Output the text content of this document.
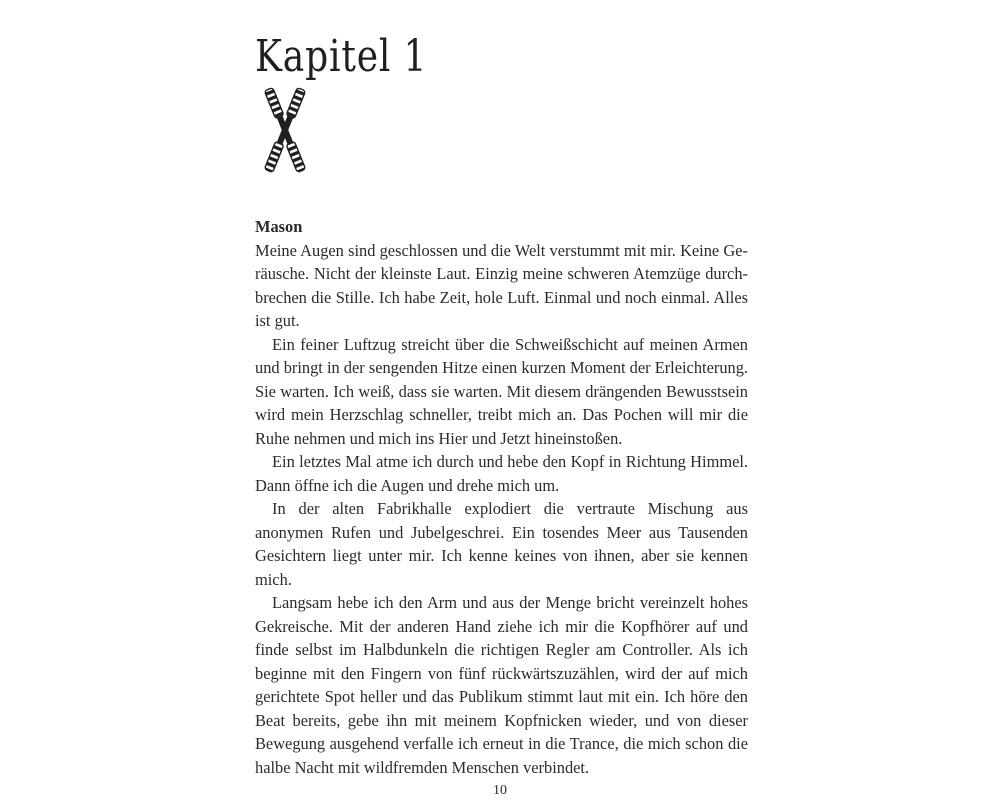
Kapitel 1

Mason

Meine Augen sind geschlossen und die Welt verstummt mit mir. Keine Geräusche. Nicht der kleinste Laut. Einzig meine schweren Atemzüge durchbrechen die Stille. Ich habe Zeit, hole Luft. Einmal und noch einmal. Alles ist gut.

Ein feiner Luftzug streicht über die Schweißschicht auf meinen Armen und bringt in der sengenden Hitze einen kurzen Moment der Erleichterung. Sie warten. Ich weiß, dass sie warten. Mit diesem drängenden Bewusstsein wird mein Herzschlag schneller, treibt mich an. Das Pochen will mir die Ruhe nehmen und mich ins Hier und Jetzt hineinstoßen.

Ein letztes Mal atme ich durch und hebe den Kopf in Richtung Himmel. Dann öffne ich die Augen und drehe mich um.

In der alten Fabrikhalle explodiert die vertraute Mischung aus anonymen Rufen und Jubelgeschrei. Ein tosendes Meer aus Tausenden Gesichtern liegt unter mir. Ich kenne keines von ihnen, aber sie kennen mich.

Langsam hebe ich den Arm und aus der Menge bricht vereinzelt hohes Gekreische. Mit der anderen Hand ziehe ich mir die Kopfhörer auf und finde selbst im Halbdunkeln die richtigen Regler am Controller. Als ich beginne mit den Fingern von fünf rückwärtszuzählen, wird der auf mich gerichtete Spot heller und das Publikum stimmt laut mit ein. Ich höre den Beat bereits, gebe ihn mit meinem Kopfnicken wieder, und von dieser Bewegung ausgehend verfalle ich erneut in die Trance, die mich schon die halbe Nacht mit wildfremden Menschen verbindet.

10
